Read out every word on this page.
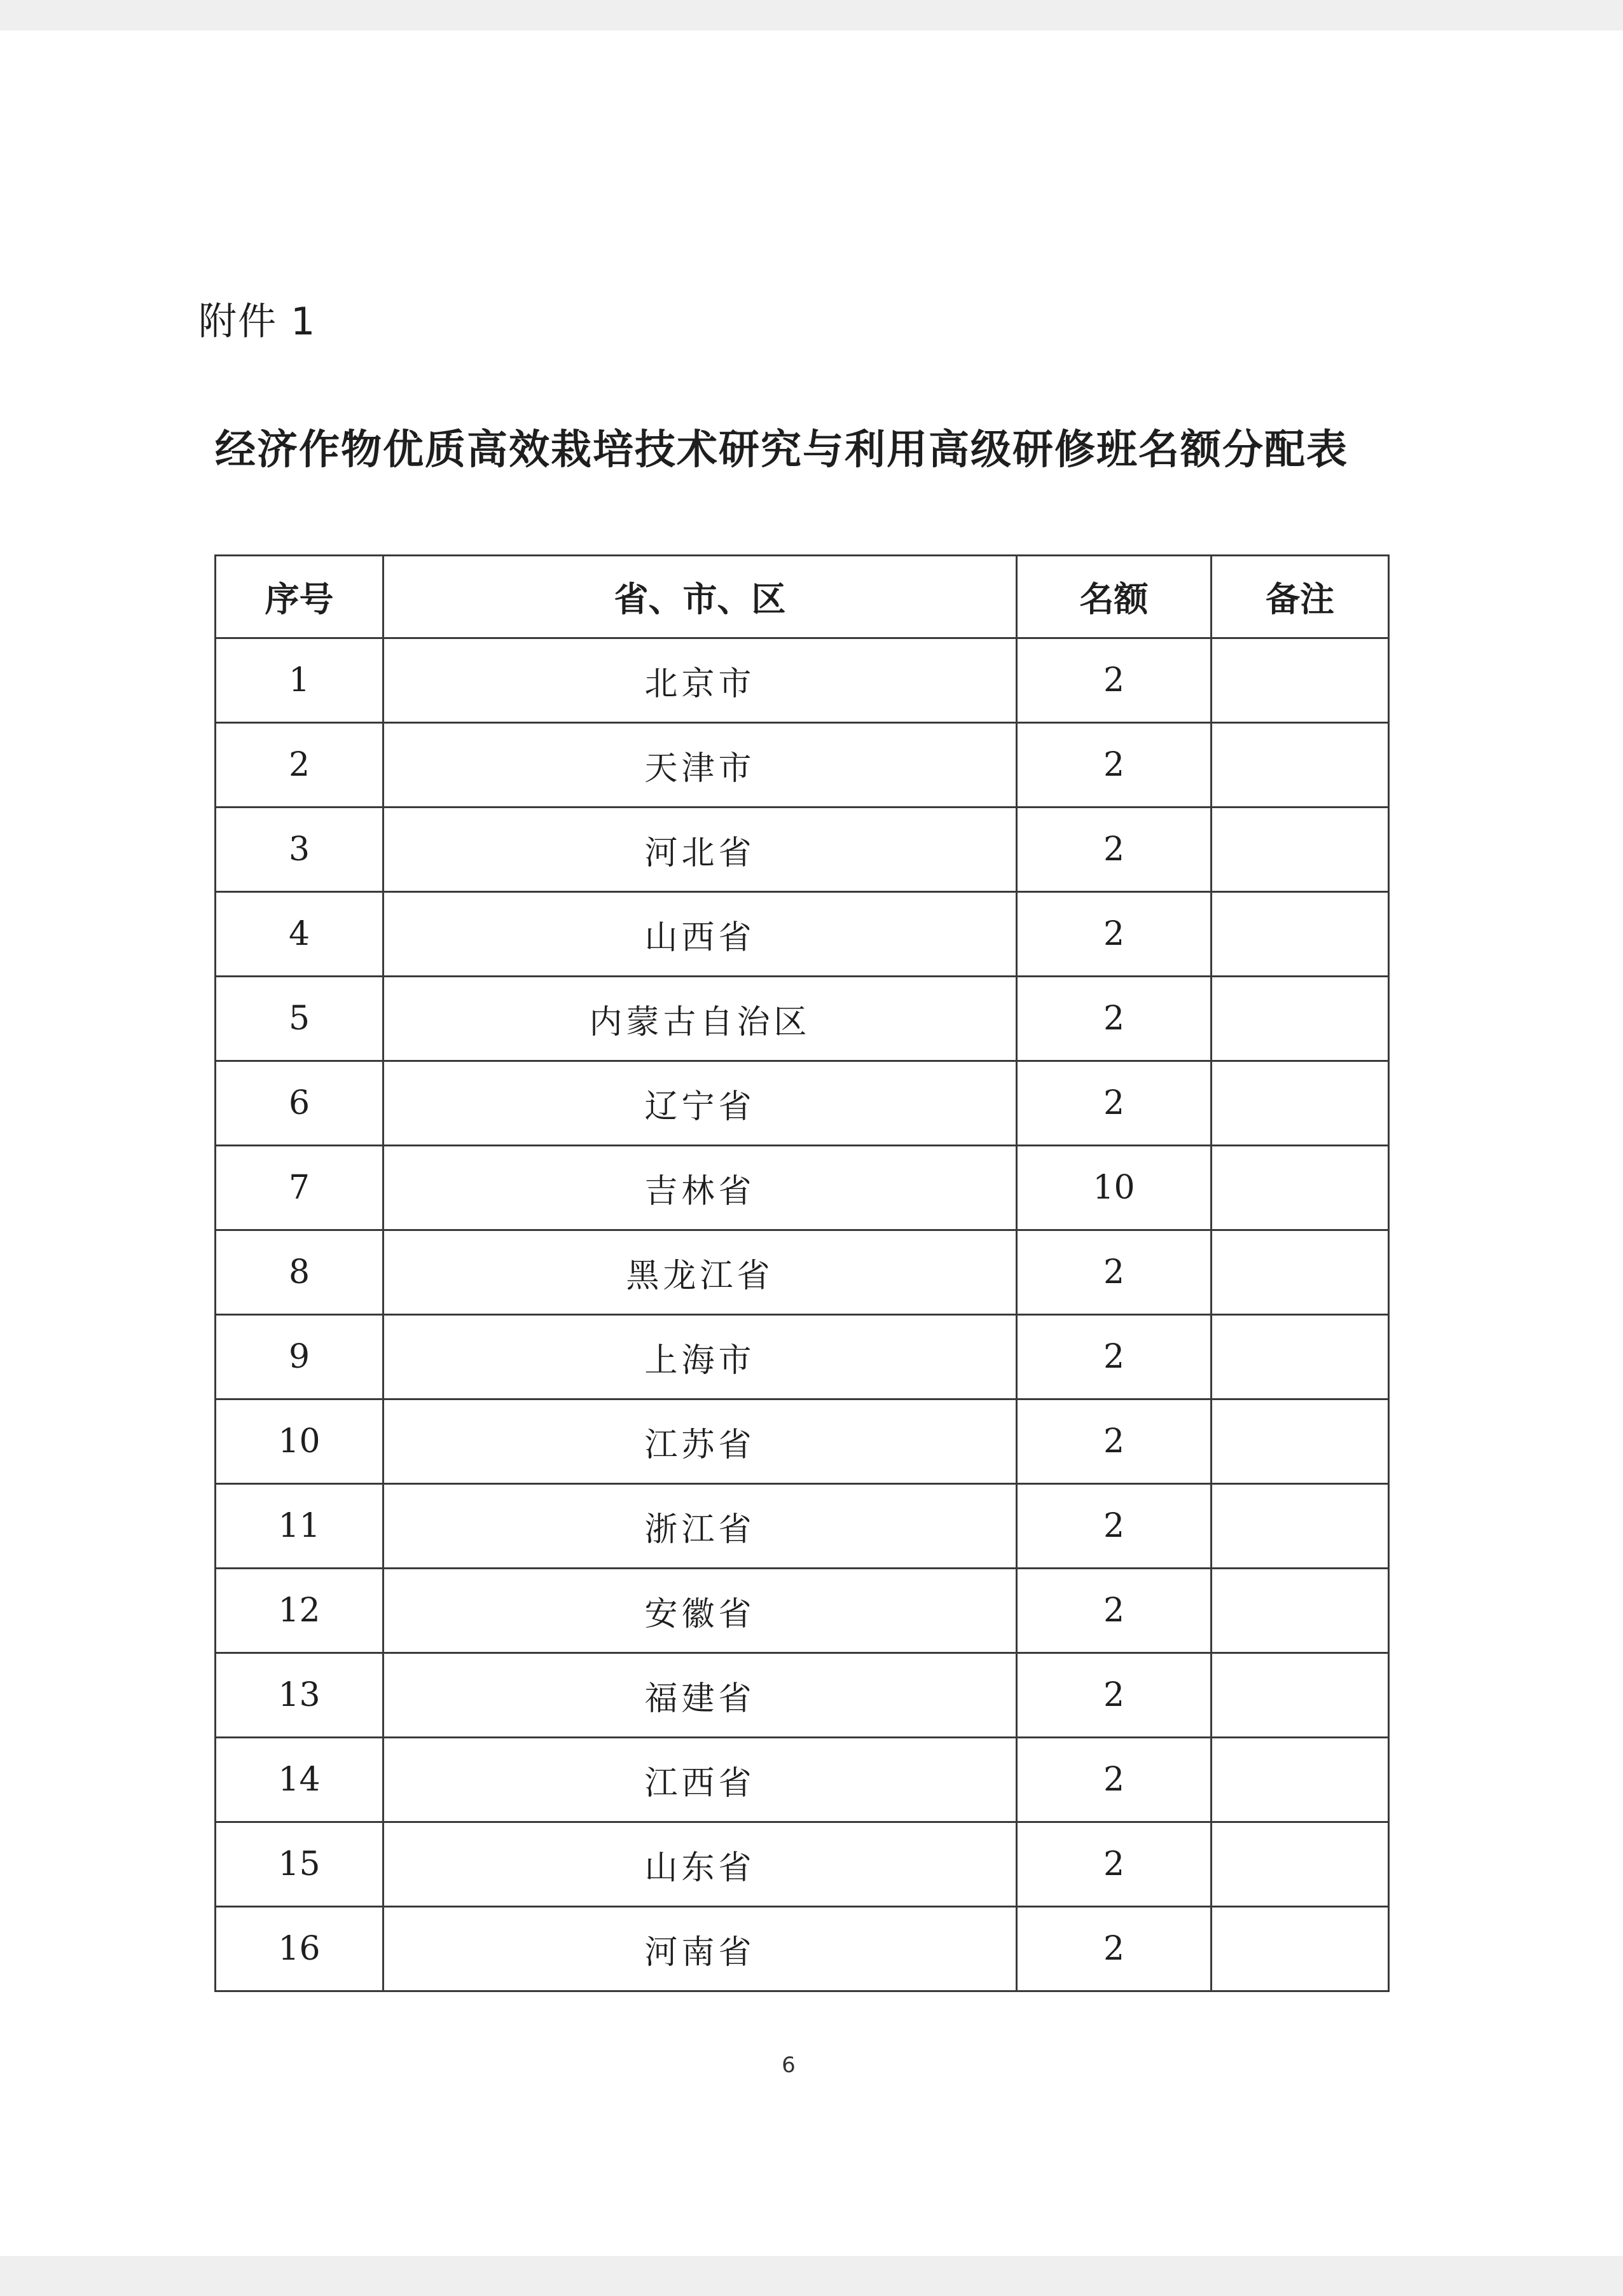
附件 1
经济作物优质高效栽培技术研究与利用高级研修班名额分配表
序号	省、市、区	名额	备注
1	北京市	2	
2	天津市	2	
3	河北省	2	
4	山西省	2	
5	内蒙古自治区	2	
6	辽宁省	2	
7	吉林省	10	
8	黑龙江省	2	
9	上海市	2	
10	江苏省	2	
11	浙江省	2	
12	安徽省	2	
13	福建省	2	
14	江西省	2	
15	山东省	2	
16	河南省	2	
6
